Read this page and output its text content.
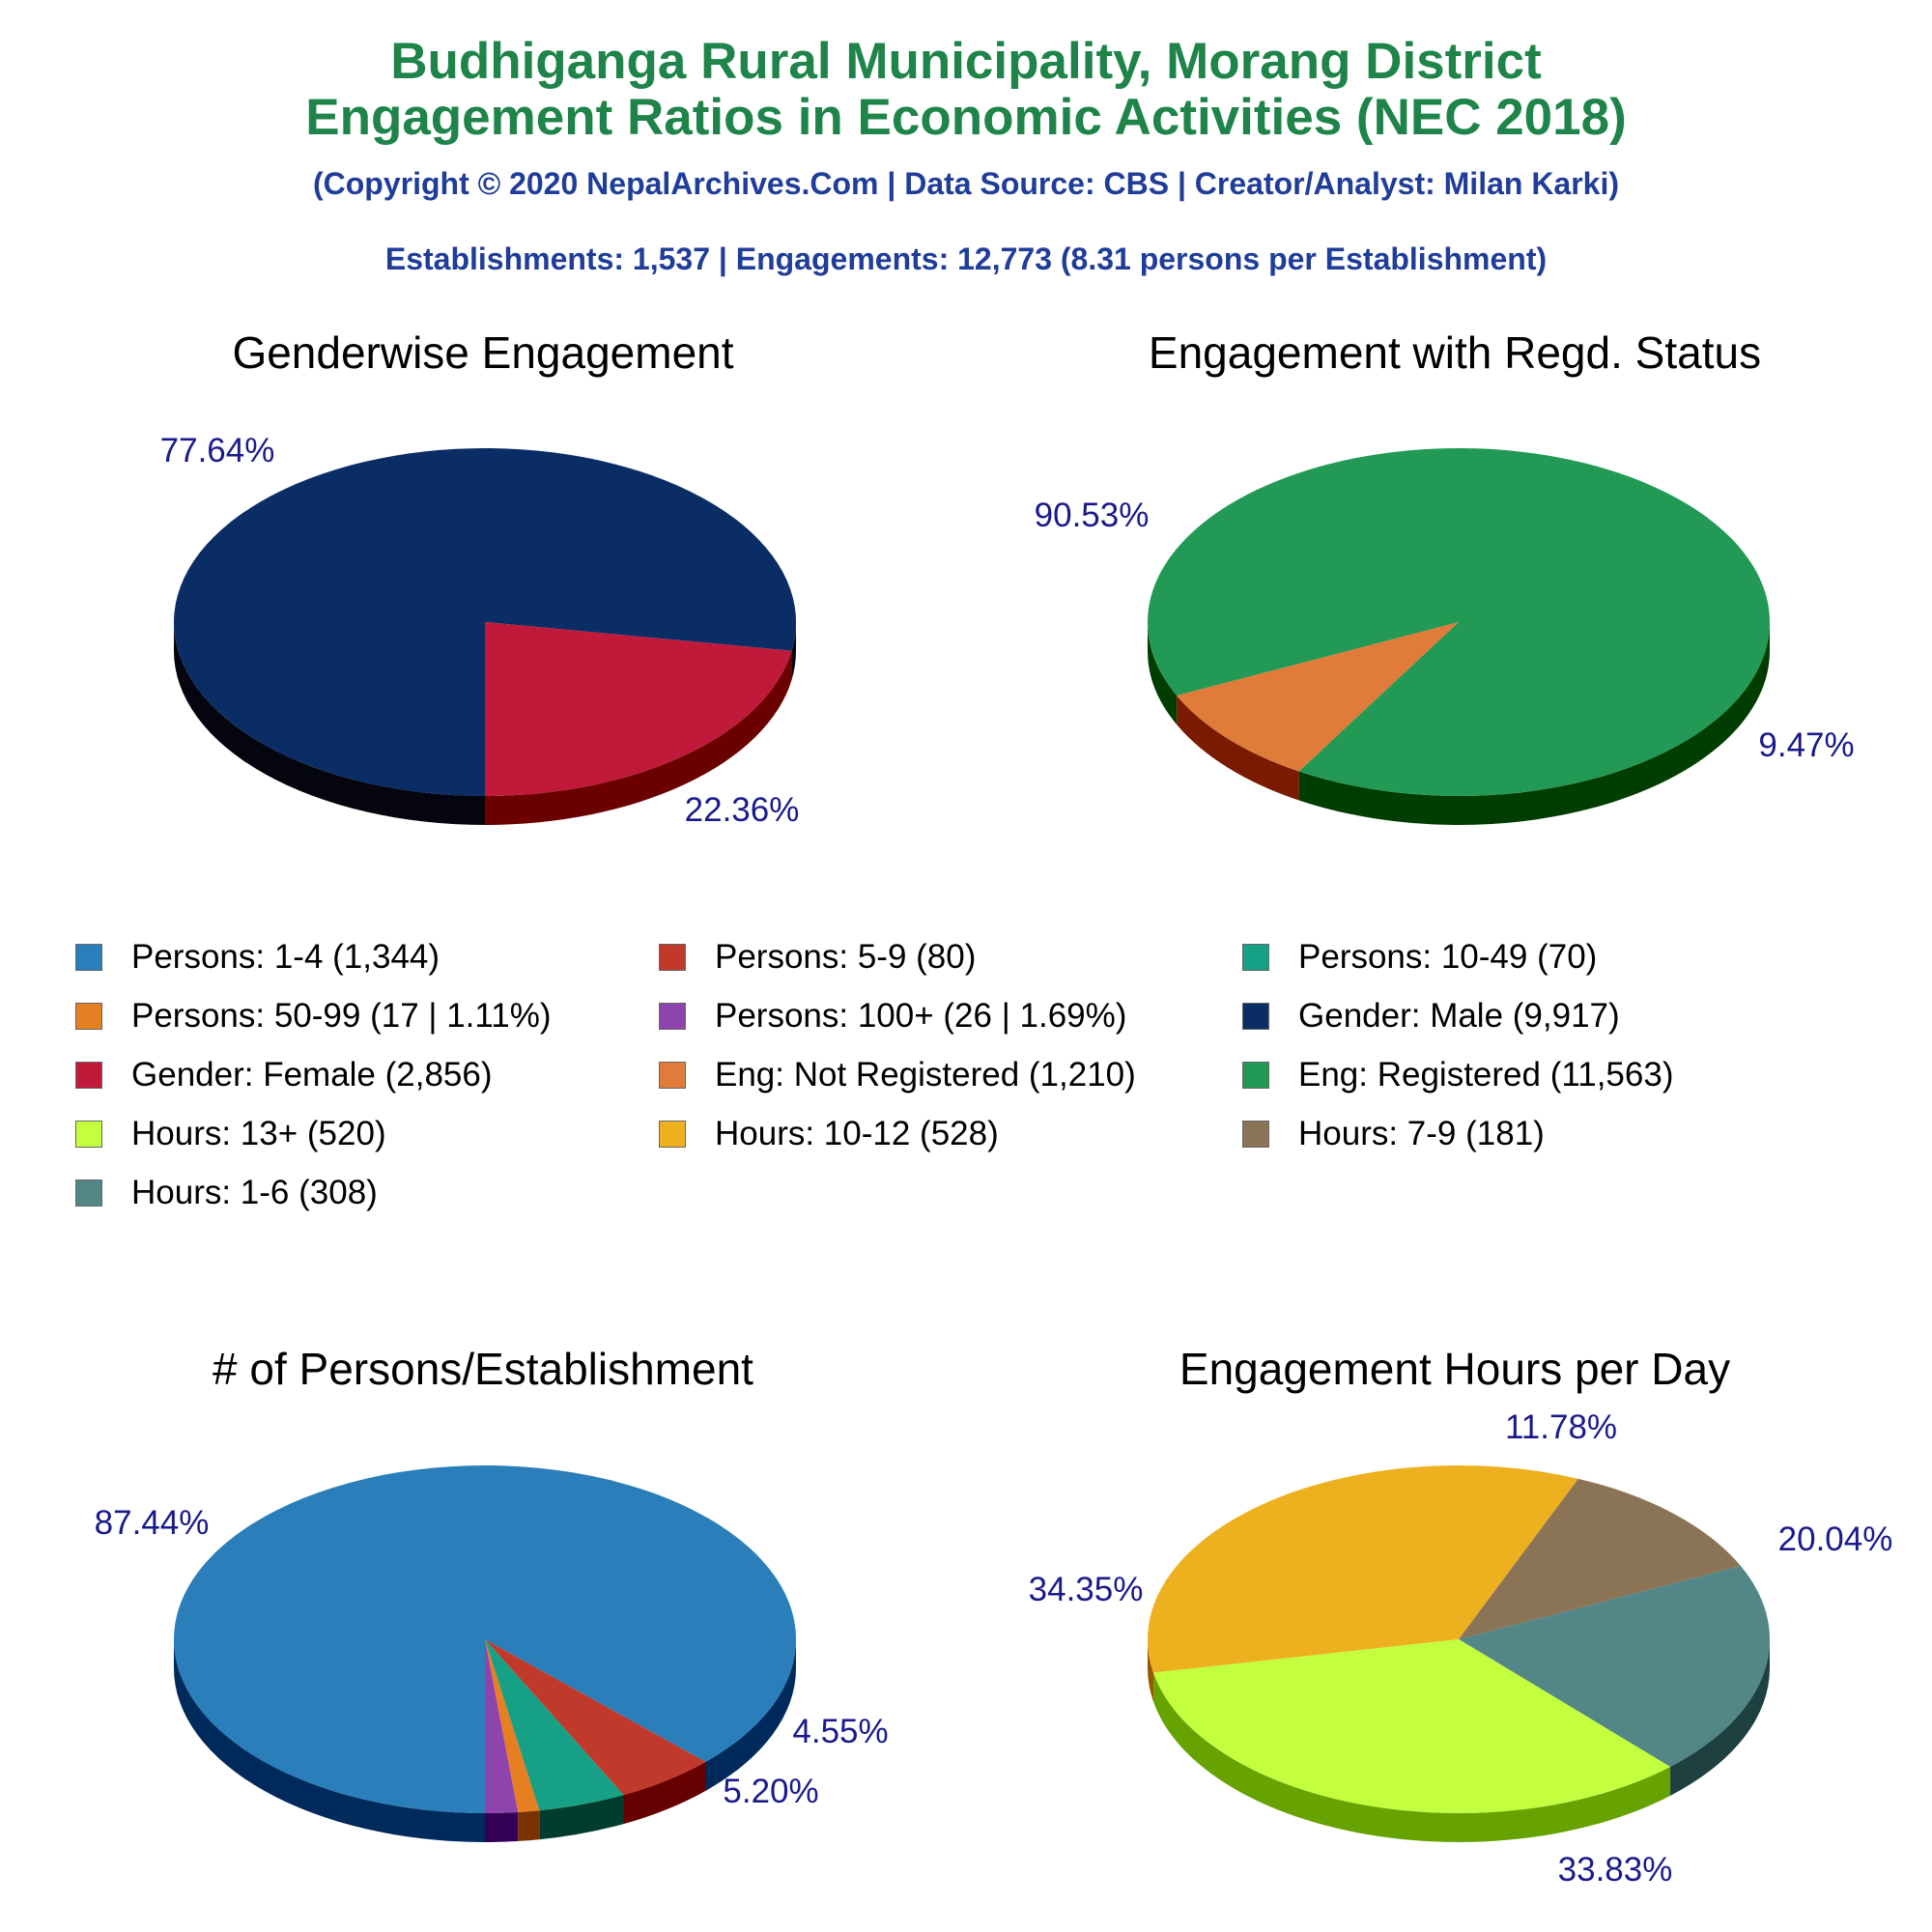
Budhiganga Rural Municipality, Morang District
Engagement Ratios in Economic Activities (NEC 2018)
(Copyright © 2020 NepalArchives.Com | Data Source: CBS | Creator/Analyst: Milan Karki)
Establishments: 1,537 | Engagements: 12,773 (8.31 persons per Establishment)
Genderwise Engagement	Engagement with Regd. Status
# of Persons/Establishment	Engagement Hours per Day
Persons: 1-4 (1,344)	Persons: 5-9 (80)	Persons: 10-49 (70)
Persons: 50-99 (17 | 1.11%)	Persons: 100+ (26 | 1.69%)	Gender: Male (9,917)
Gender: Female (2,856)	Eng: Not Registered (1,210)	Eng: Registered (11,563)
Hours: 13+ (520)	Hours: 10-12 (528)	Hours: 7-9 (181)
Hours: 1-6 (308)
77.64%
22.36%
90.53%
9.47%
87.44%
5.20%
4.55%
20.04%
33.83%
34.35%
11.78%
